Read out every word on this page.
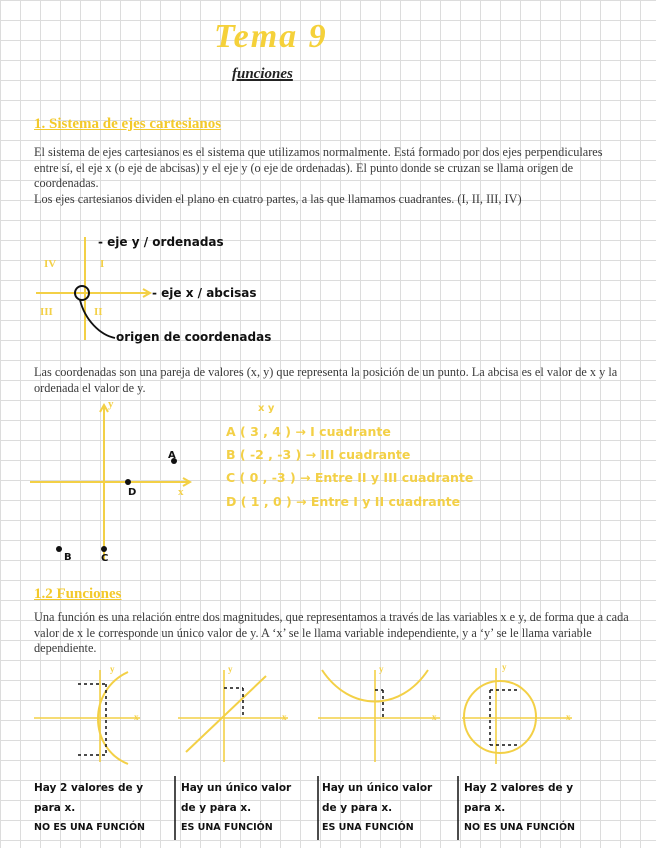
Tema 9
funciones
1. Sistema de ejes cartesianos
El sistema de ejes cartesianos es el sistema que utilizamos normalmente. Está formado por dos ejes perpendiculares entre sí, el eje x (o eje de abcisas) y el eje y (o eje de ordenadas). El punto donde se cruzan se llama origen de coordenadas.
Los ejes cartesianos dividen el plano en cuatro partes, a las que llamamos cuadrantes. (I, II, III, IV)
IV	I
III	II
- eje y / ordenadas
- eje x / abcisas
origen de coordenadas
Las coordenadas son una pareja de valores (x, y) que representa la posición de un punto. La abcisa es el valor de x y la ordenada el valor de y.
y
x
A
B	C
D
x y
A ( 3 , 4 ) → I cuadrante
B ( -2 , -3 ) → III cuadrante
C ( 0 , -3 ) → Entre II y III cuadrante
D ( 1 , 0 ) → Entre I y II cuadrante
1.2 Funciones
Una función es una relación entre dos magnitudes, que representamos a través de las variables x e y, de forma que a cada valor de x le corresponde un único valor de y. A ‘x’ se le llama variable independiente, y a ‘y’ se le llama variable dependiente.
y
x
y
x
y
x
y
x
Hay 2 valores de y
para x.
NO ES UNA FUNCIÓN
Hay un único valor
de y para x.
ES UNA FUNCIÓN
Hay un único valor
de y para x.
ES UNA FUNCIÓN
Hay 2 valores de y
para x.
NO ES UNA FUNCIÓN
